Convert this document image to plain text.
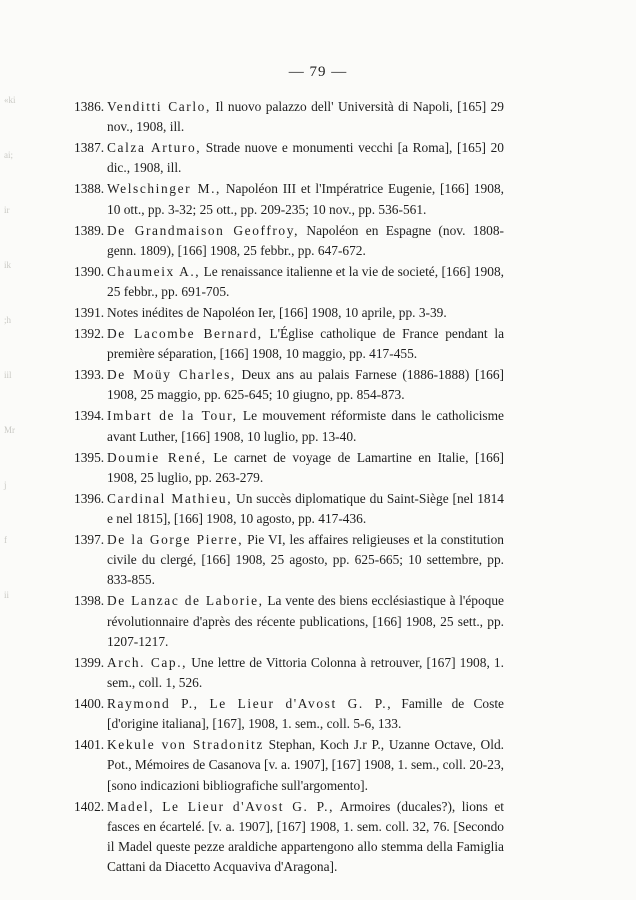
«ki
ai;
ir
ik
;h
iil
Mr
j
f
ii
— 79 —
1386. Venditti Carlo, Il nuovo palazzo dell' Università di Napoli, [165] 29 nov., 1908, ill.
1387. Calza Arturo, Strade nuove e monumenti vecchi [a Roma], [165] 20 dic., 1908, ill.
1388. Welschinger M., Napoléon III et l'Impératrice Eugenie, [166] 1908, 10 ott., pp. 3-32; 25 ott., pp. 209-235; 10 nov., pp. 536-561.
1389. De Grandmaison Geoffroy, Napoléon en Espagne (nov. 1808-genn. 1809), [166] 1908, 25 febbr., pp. 647-672.
1390. Chaumeix A., Le renaissance italienne et la vie de societé, [166] 1908, 25 febbr., pp. 691-705.
1391. Notes inédites de Napoléon Ier, [166] 1908, 10 aprile, pp. 3-39.
1392. De Lacombe Bernard, L'Église catholique de France pendant la première séparation, [166] 1908, 10 maggio, pp. 417-455.
1393. De Moüy Charles, Deux ans au palais Farnese (1886-1888) [166] 1908, 25 maggio, pp. 625-645; 10 giugno, pp. 854-873.
1394. Imbart de la Tour, Le mouvement réformiste dans le catholicisme avant Luther, [166] 1908, 10 luglio, pp. 13-40.
1395. Doumie René, Le carnet de voyage de Lamartine en Italie, [166] 1908, 25 luglio, pp. 263-279.
1396. Cardinal Mathieu, Un succès diplomatique du Saint-Siège [nel 1814 e nel 1815], [166] 1908, 10 agosto, pp. 417-436.
1397. De la Gorge Pierre, Pie VI, les affaires religieuses et la constitution civile du clergé, [166] 1908, 25 agosto, pp. 625-665; 10 settembre, pp. 833-855.
1398. De Lanzac de Laborie, La vente des biens ecclésiastique à l'époque révolutionnaire d'après des récente publications, [166] 1908, 25 sett., pp. 1207-1217.
1399. Arch. Cap., Une lettre de Vittoria Colonna à retrouver, [167] 1908, 1. sem., coll. 1, 526.
1400. Raymond P., Le Lieur d'Avost G. P., Famille de Coste [d'origine italiana], [167], 1908, 1. sem., coll. 5-6, 133.
1401. Kekule von Stradonitz Stephan, Koch J.r P., Uzanne Octave, Old. Pot., Mémoires de Casanova [v. a. 1907], [167] 1908, 1. sem., coll. 20-23, [sono indicazioni bibliografiche sull'argomento].
1402. Madel, Le Lieur d'Avost G. P., Armoires (ducales?), lions et fasces en écartelé. [v. a. 1907], [167] 1908, 1. sem. coll. 32, 76. [Secondo il Madel queste pezze araldiche appartengono allo stemma della Famiglia Cattani da Diacetto Acquaviva d'Aragona].
